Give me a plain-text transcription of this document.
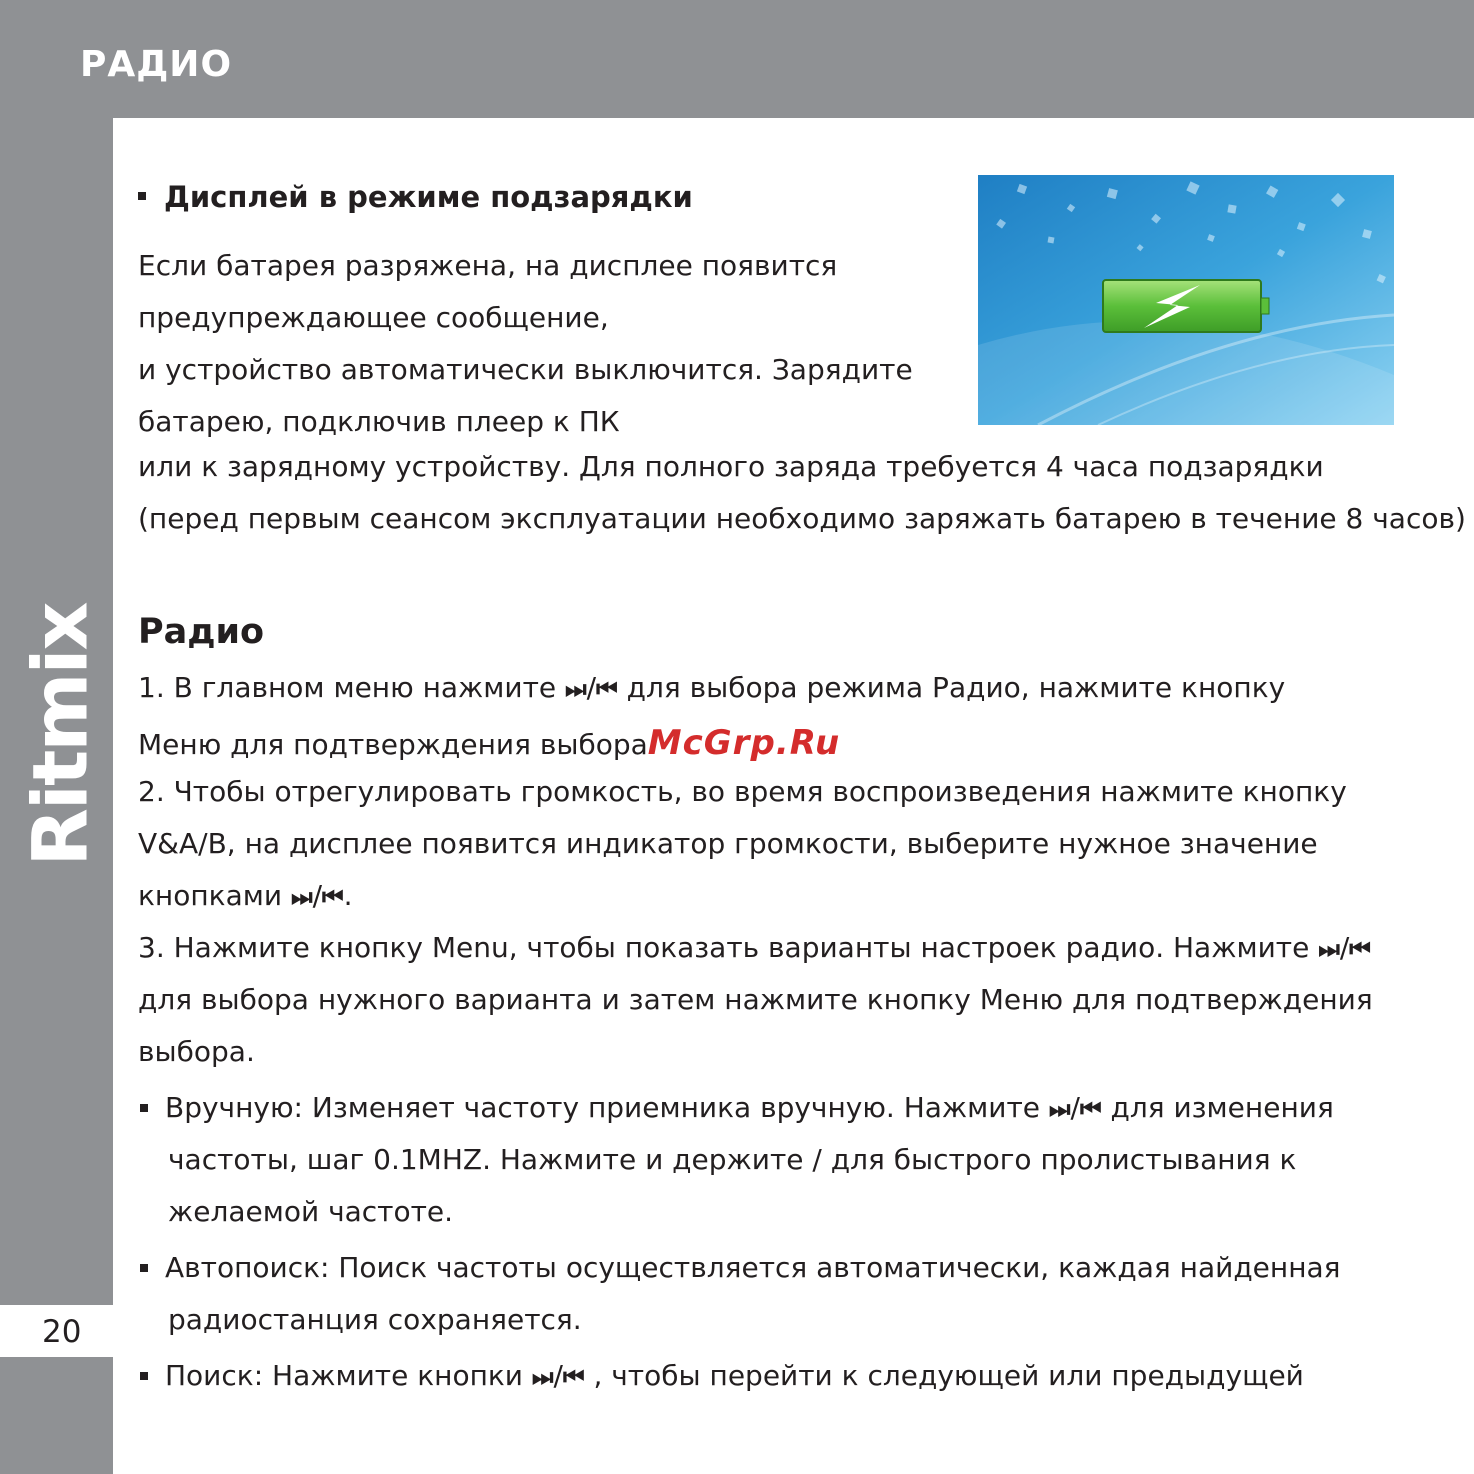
РАДИО
Ritmix
20
Дисплей в режиме подзарядки
Если батарея разряжена, на дисплее появится
предупреждающее сообщение,
и устройство автоматически выключится. Зарядите
батарею, подключив плеер к ПК
или к зарядному устройству. Для полного заряда требуется 4 часа подзарядки
(перед первым сеансом эксплуатации необходимо заряжать батарею в течение 8 часов)
Радио
1. В главном меню нажмите ⏭/⏮ для выбора режима Радио, нажмите кнопку
Меню для подтверждения выбораMcGrp.Ru
2. Чтобы отрегулировать громкость, во время воспроизведения нажмите кнопку
V&A/B, на дисплее появится индикатор громкости, выберите нужное значение
кнопками ⏭/⏮.
3. Нажмите кнопку Menu, чтобы показать варианты настроек радио. Нажмите ⏭/⏮
для выбора нужного варианта и затем нажмите кнопку Меню для подтверждения
выбора.
Вручную: Изменяет частоту приемника вручную. Нажмите ⏭/⏮ для изменения
частоты, шаг 0.1MHZ. Нажмите и держите / для быстрого пролистывания к
желаемой частоте.
Автопоиск: Поиск частоты осуществляется автоматически, каждая найденная
радиостанция сохраняется.
Поиск: Нажмите кнопки ⏭/⏮ , чтобы перейти к следующей или предыдущей
